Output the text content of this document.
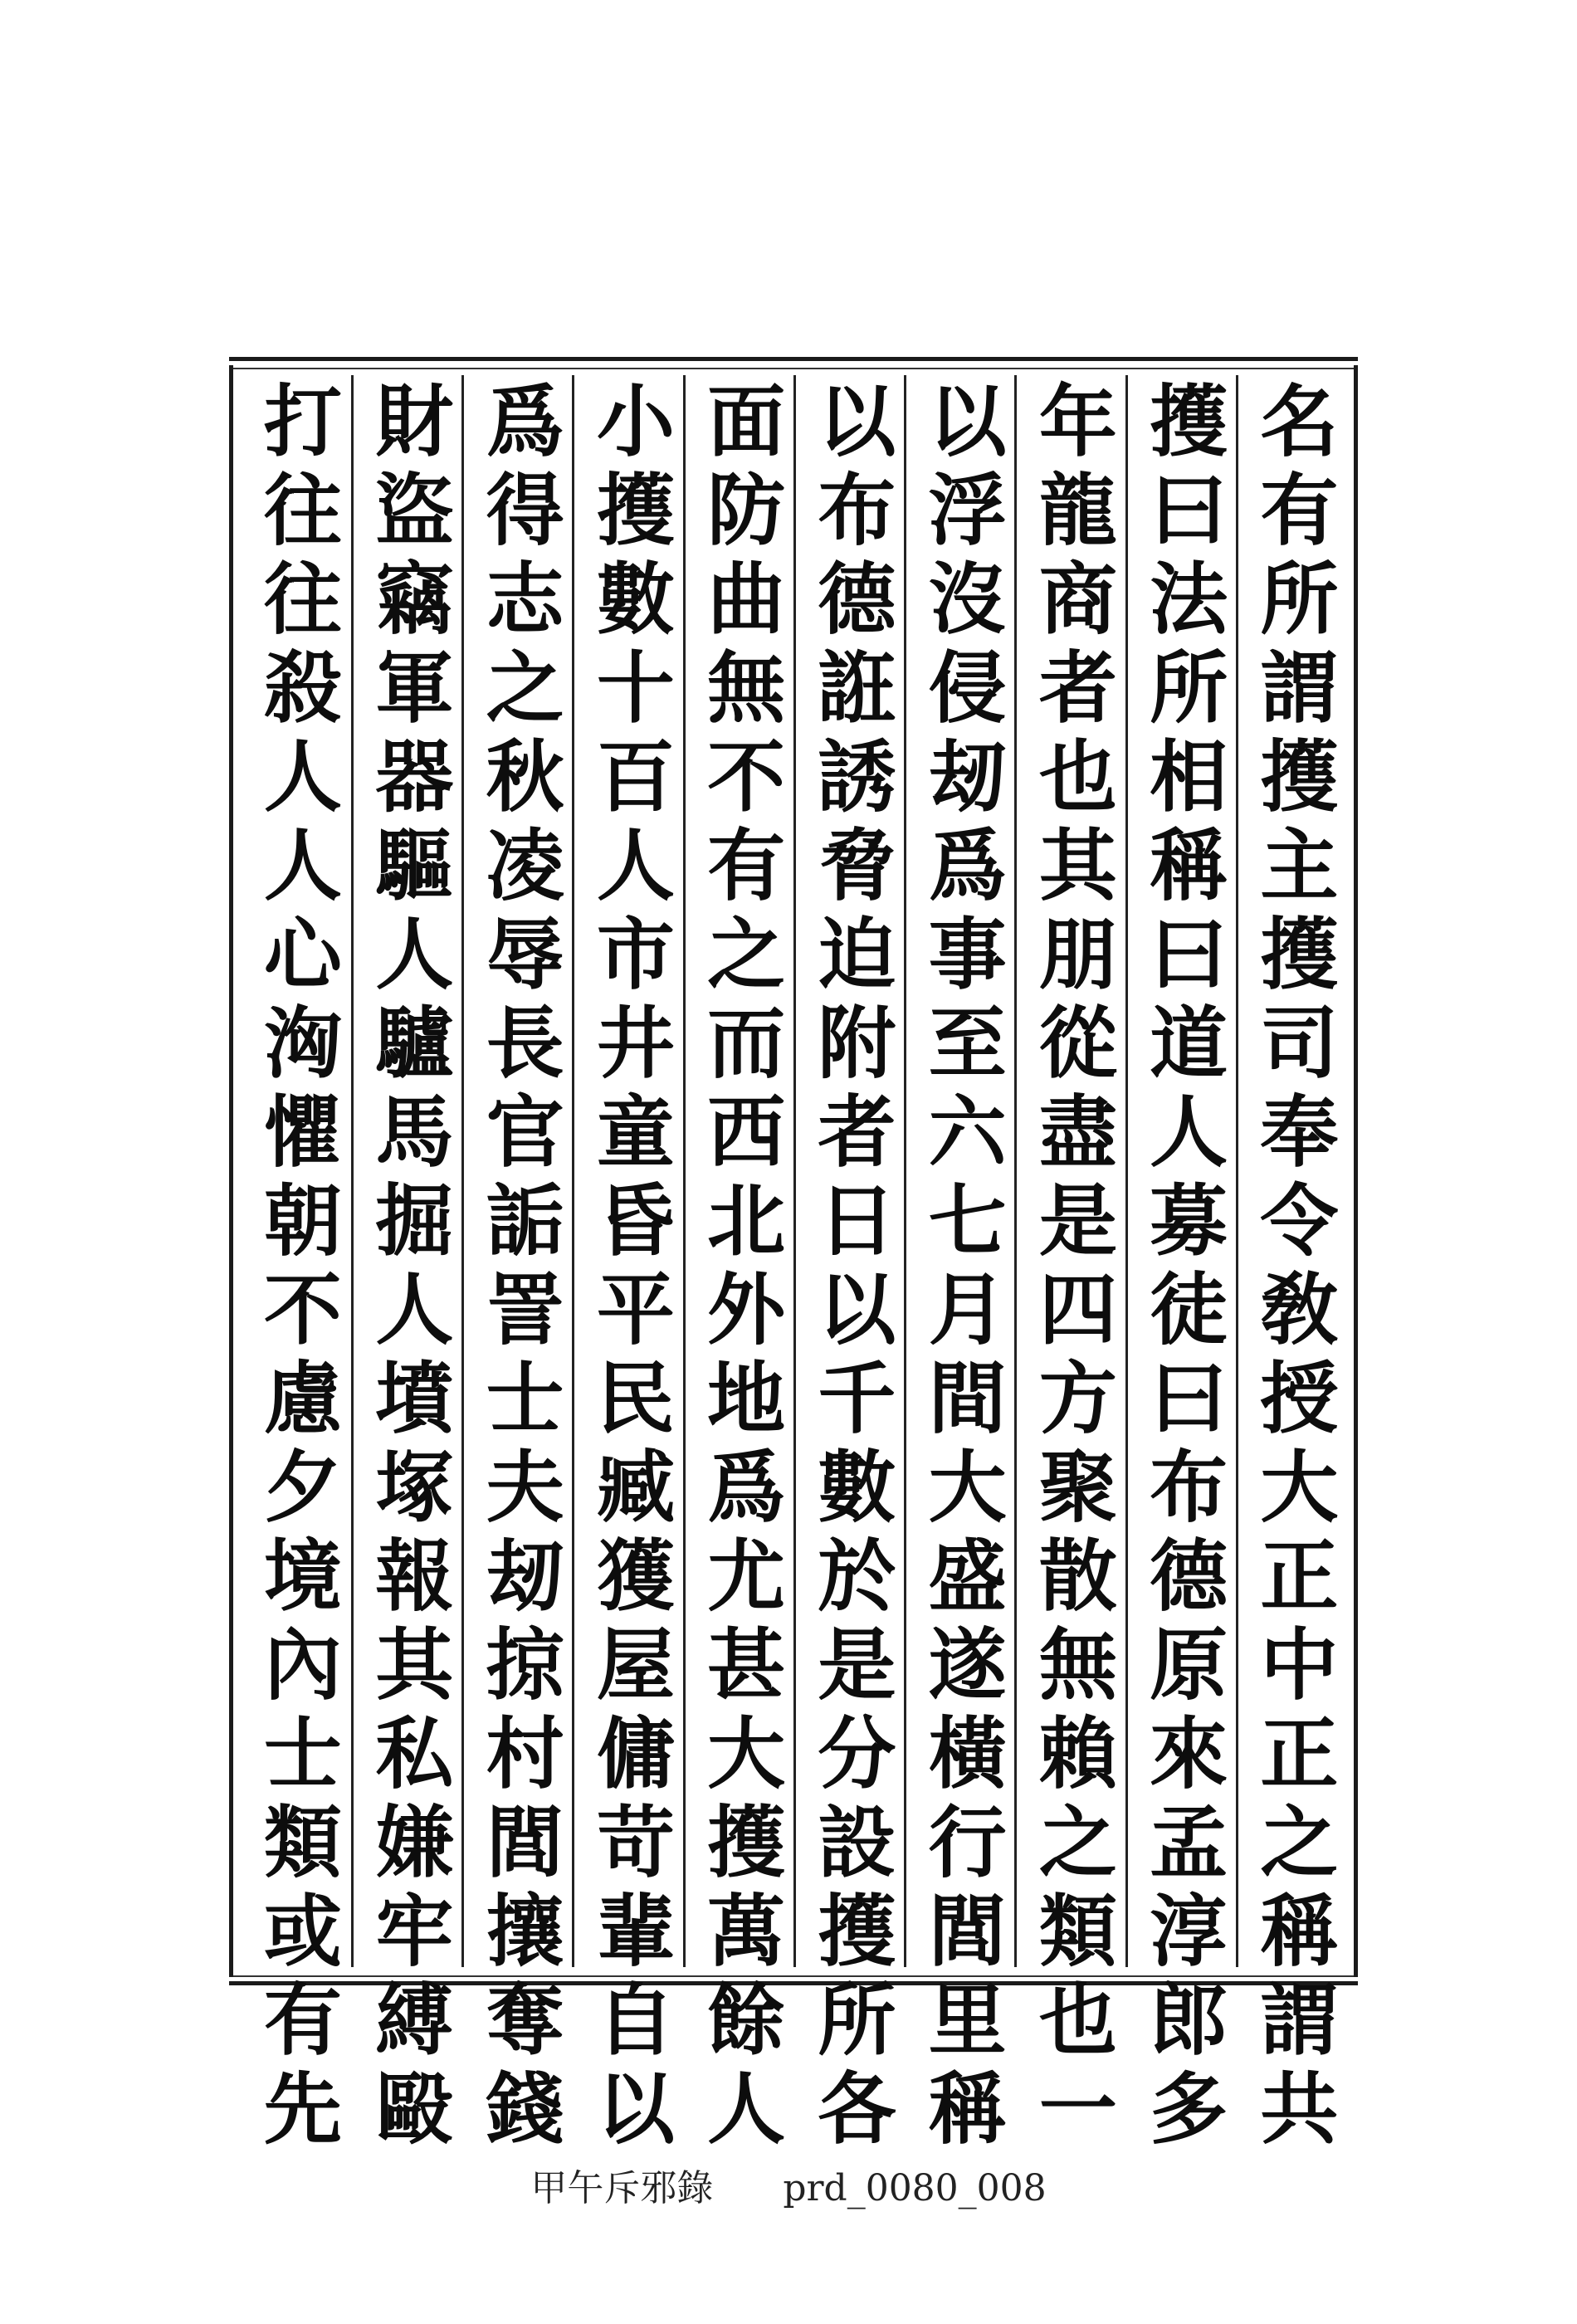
名有所謂擭主擭司奉令敎授大正中正之稱謂共
擭曰法所相稱曰道人募徒曰布德原來孟淳郎多
年龍商者也其朋從盡是四方聚散無賴之類也一
以浮沒侵刼爲事至六七月間大盛遂橫行閭里稱
以布德誑誘脅迫附者日以千數於是分設擭所各
面防曲無不有之而西北外地爲尤甚大擭萬餘人
小擭數十百人市井童昏平民臧獲屋傭苛輩自以
爲得志之秋凌辱長官詬詈士夫刼掠村閭攘奪錢
財盜竊軍器驅人驢馬掘人墳塚報其私嫌牢縛毆
打往往殺人人心洶懼朝不慮夕境內士類或有先
甲午斥邪錄 prd_0080_008
